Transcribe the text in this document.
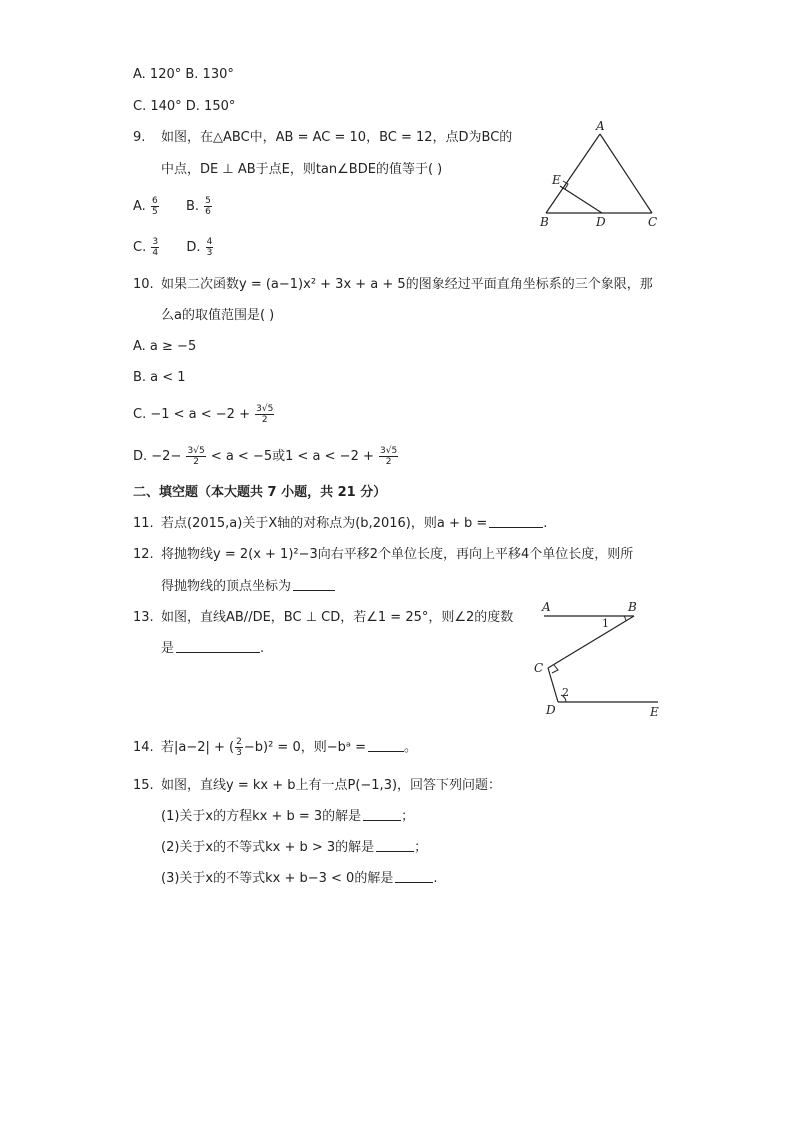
A. 120° B. 130°
C. 140° D. 150°
9. 如图，在△ABC中，AB = AC = 10，BC = 12，点D为BC的
中点，DE ⊥ AB于点E，则tan∠BDE的值等于( )
A. $\frac{6}{5} B$. $\frac{5}{6}$
C. $\frac{3}{4} D$. $\frac{4}{3}$
A
B	C
D
E
10. 如果二次函数y = (a−1)x² + 3x + a + 5的图象经过平面直角坐标系的三个象限，那
么a的取值范围是( )
A. a ≥ −5
B. a < 1
C. $-1 < a < -2 + \frac{3√5}{2}$
D. $-2- \frac{3√5}{2} < a < -5$或$1 < a < -2 + \frac{3√5}{2}$
二、填空题（本大题共 7 小题，共 21 分）
11. 若点(2015,a)关于X轴的对称点为(b,2016)，则a + b =	.
12. 将抛物线y = 2(x + 1)²−3向右平移2个单位长度，再向上平移4个单位长度，则所
得抛物线的顶点坐标为
13. 如图，直线AB//DE，BC ⊥ CD，若∠1 = 25°，则∠2的度数
是	.
A	B
C
D	E
1
2
14. 若|a−2| + ( $\frac{2}{3} -b)^2 = 0$，则−bᵃ =	。
15. 如图，直线y = kx + b上有一点P(−1,3)，回答下列问题：
(1)关于x的方程kx + b = 3的解是	；
(2)关于x的不等式kx + b > 3的解是	；
(3)关于x的不等式kx + b−3 < 0的解是	.
